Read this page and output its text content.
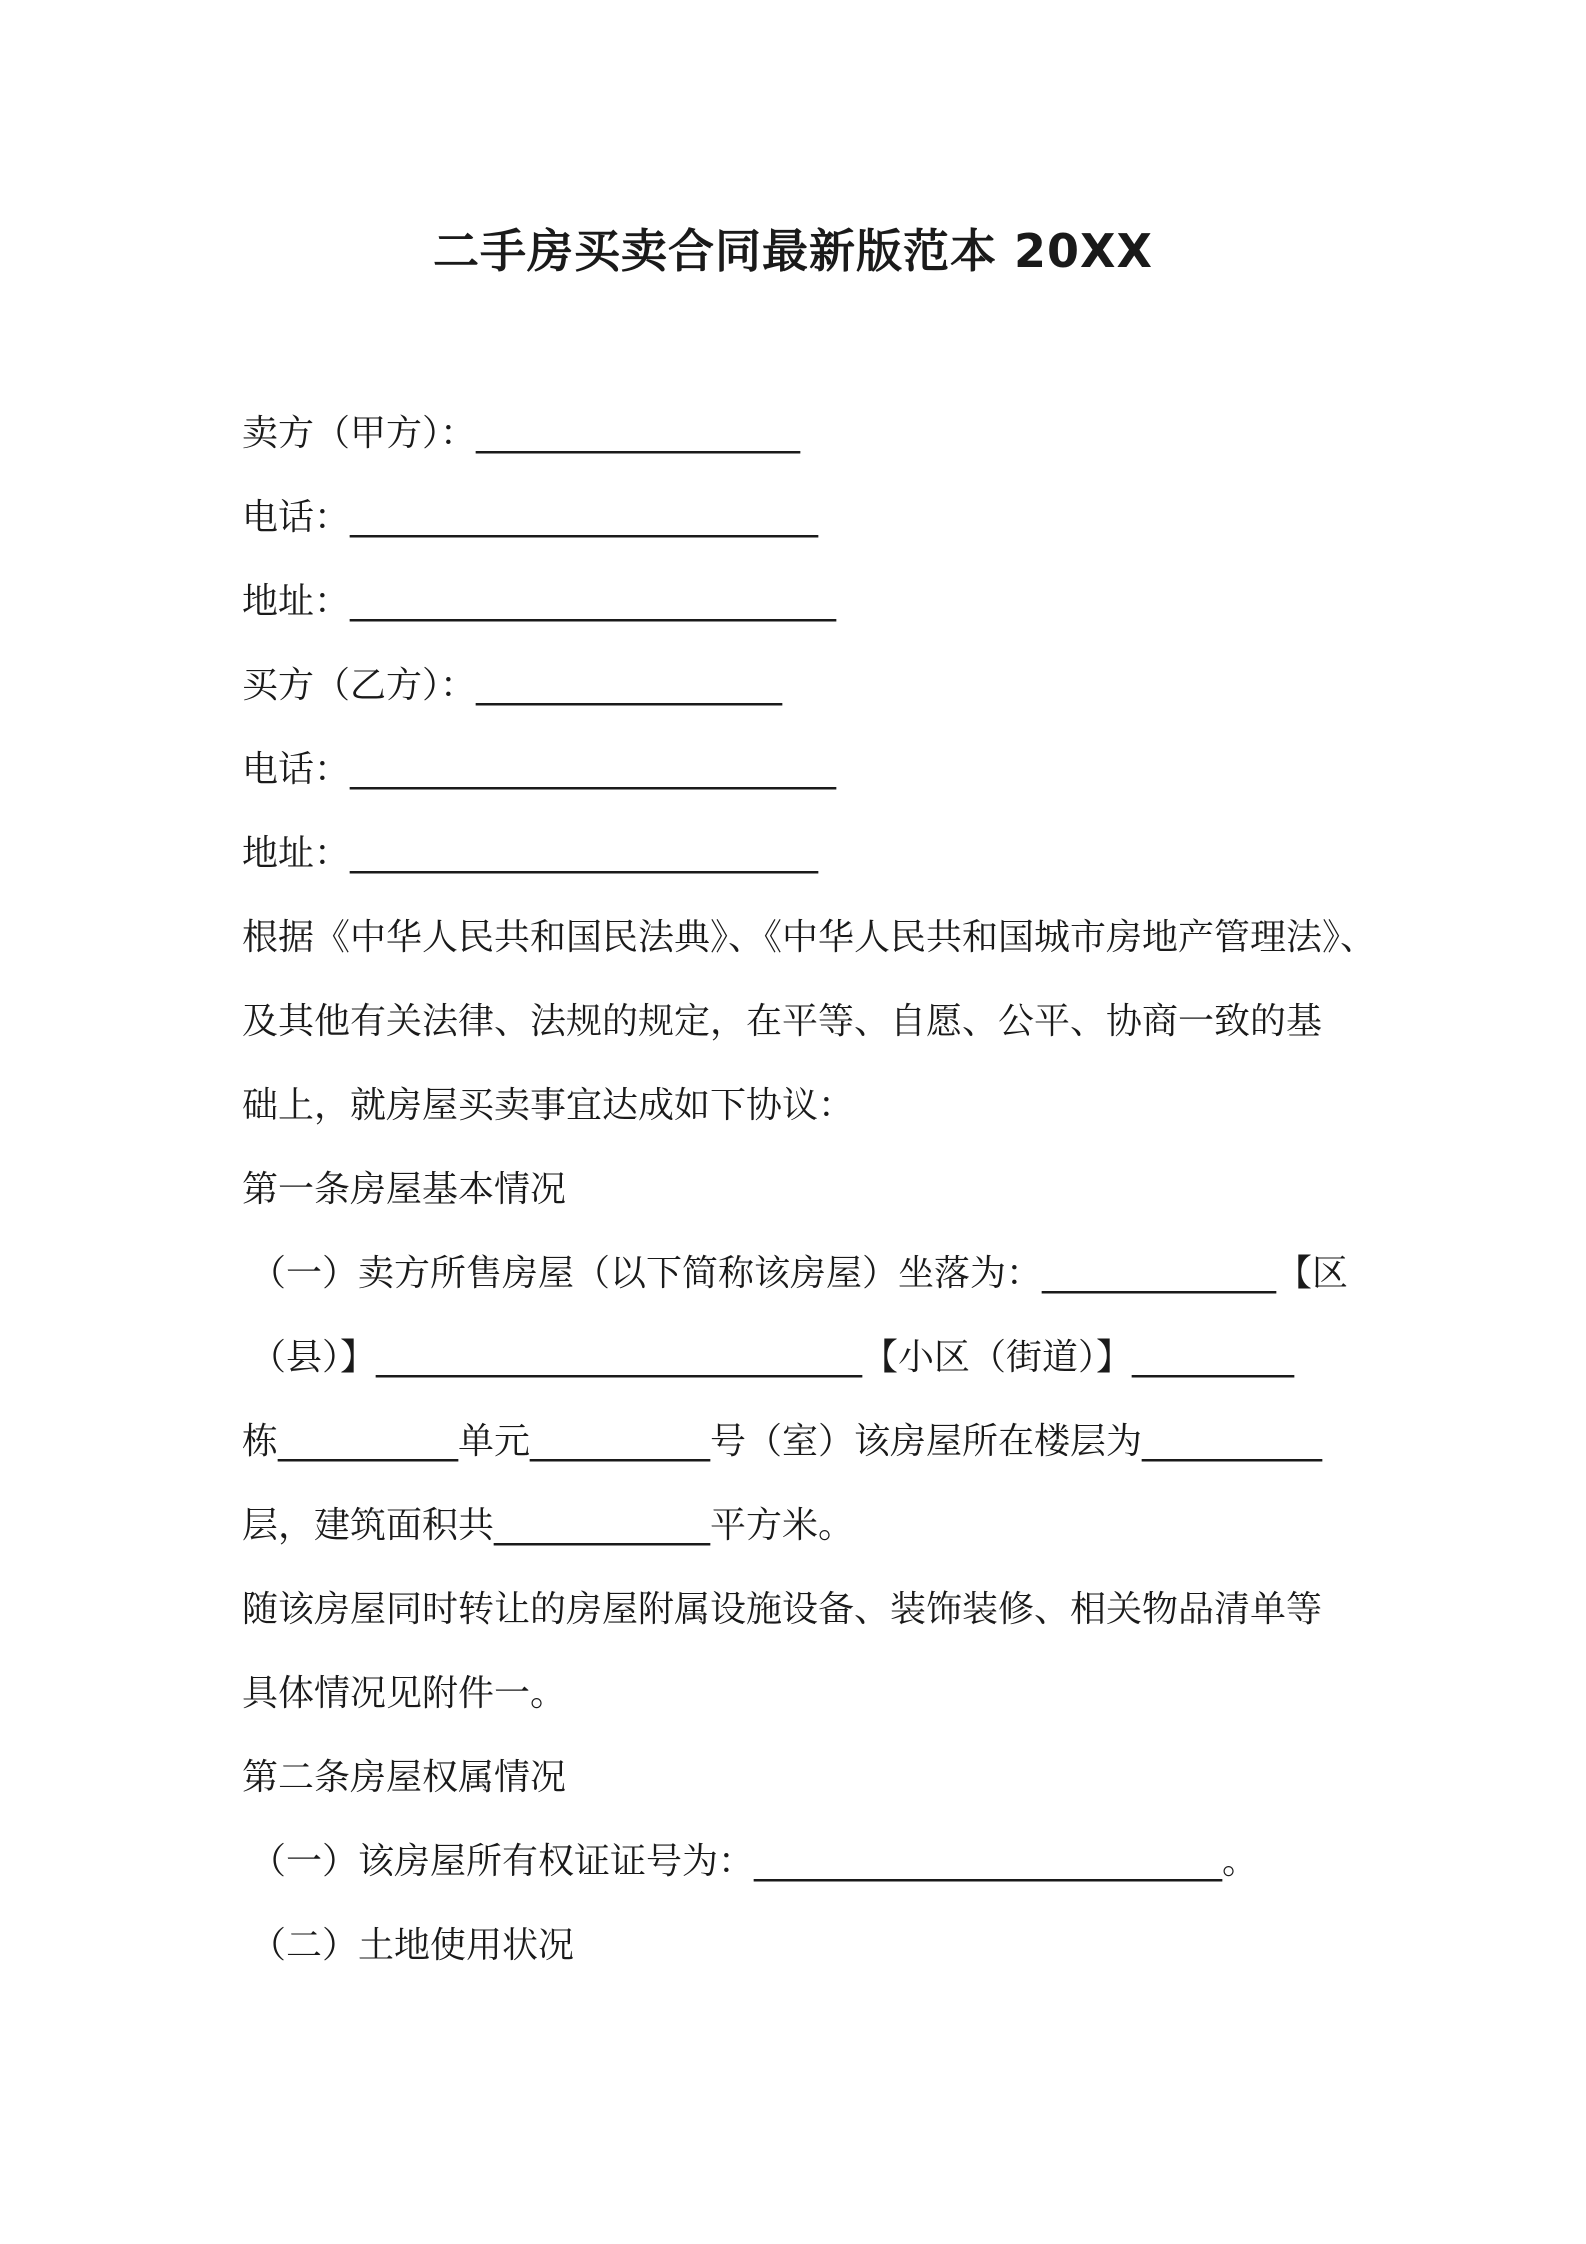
二手房买卖合同最新版范本 20XX
卖方（甲方）：__________________
电话：__________________________
地址：___________________________
买方（乙方）：_________________
电话：___________________________
地址：__________________________
根据《中华人民共和国民法典》、《中华人民共和国城市房地产管理法》、
及其他有关法律、法规的规定，在平等、自愿、公平、协商一致的基
础上，就房屋买卖事宜达成如下协议：
第一条房屋基本情况
（一）卖方所售房屋（以下简称该房屋）坐落为：_____________【区
（县）】___________________________【小区（街道）】_________
栋__________单元__________号（室）该房屋所在楼层为__________
层，建筑面积共____________平方米。
随该房屋同时转让的房屋附属设施设备、装饰装修、相关物品清单等
具体情况见附件一。
第二条房屋权属情况
（一）该房屋所有权证证号为：__________________________。
（二）土地使用状况
